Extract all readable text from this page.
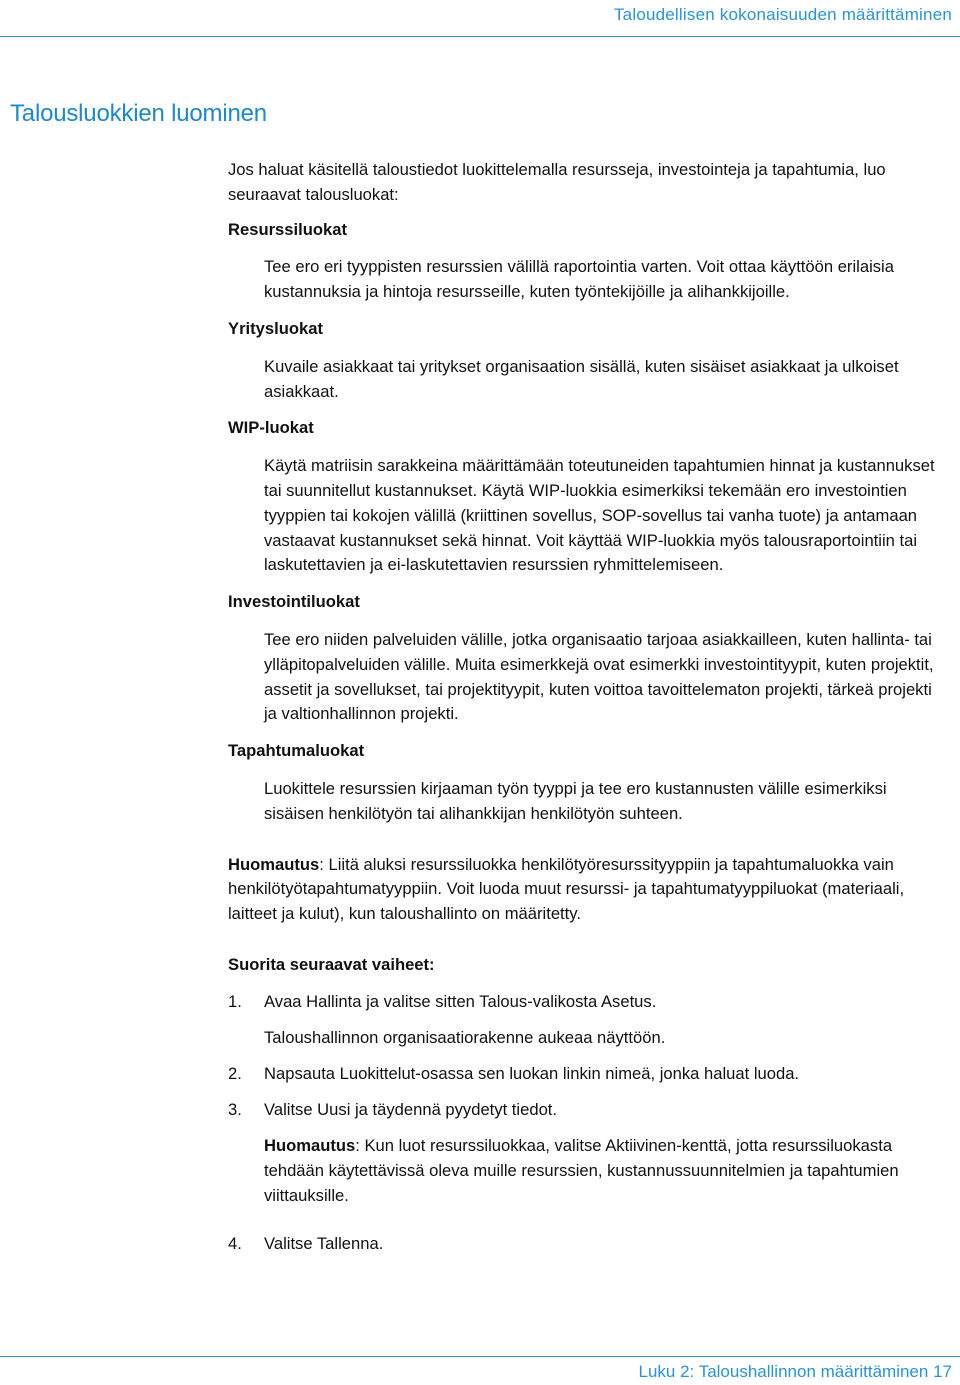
Taloudellisen kokonaisuuden määrittäminen
Talousluokkien luominen

Jos haluat käsitellä taloustiedot luokittelemalla resursseja, investointeja ja tapahtumia, luo seuraavat talousluokat:

Resurssiluokat

Tee ero eri tyyppisten resurssien välillä raportointia varten. Voit ottaa käyttöön erilaisia kustannuksia ja hintoja resursseille, kuten työntekijöille ja alihankkijoille.

Yritysluokat

Kuvaile asiakkaat tai yritykset organisaation sisällä, kuten sisäiset asiakkaat ja ulkoiset asiakkaat.

WIP-luokat

Käytä matriisin sarakkeina määrittämään toteutuneiden tapahtumien hinnat ja kustannukset tai suunnitellut kustannukset. Käytä WIP-luokkia esimerkiksi tekemään ero investointien tyyppien tai kokojen välillä (kriittinen sovellus, SOP-sovellus tai vanha tuote) ja antamaan vastaavat kustannukset sekä hinnat. Voit käyttää WIP-luokkia myös talousraportointiin tai laskutettavien ja ei-laskutettavien resurssien ryhmittelemiseen.

Investointiluokat

Tee ero niiden palveluiden välille, jotka organisaatio tarjoaa asiakkailleen, kuten hallinta- tai ylläpitopalveluiden välille. Muita esimerkkejä ovat esimerkki investointityypit, kuten projektit, assetit ja sovellukset, tai projektityypit, kuten voittoa tavoittelematon projekti, tärkeä projekti ja valtionhallinnon projekti.

Tapahtumaluokat

Luokittele resurssien kirjaaman työn tyyppi ja tee ero kustannusten välille esimerkiksi sisäisen henkilötyön tai alihankkijan henkilötyön suhteen.

Huomautus: Liitä aluksi resurssiluokka henkilötyöresurssityyppiin ja tapahtumaluokka vain henkilötyötapahtumatyyppiin. Voit luoda muut resurssi- ja tapahtumatyyppiluokat (materiaali, laitteet ja kulut), kun taloushallinto on määritetty.

Suorita seuraavat vaiheet:

1.	Avaa Hallinta ja valitse sitten Talous-valikosta Asetus.

Taloushallinnon organisaatiorakenne aukeaa näyttöön.

2.	Napsauta Luokittelut-osassa sen luokan linkin nimeä, jonka haluat luoda.
3.	Valitse Uusi ja täydennä pyydetyt tiedot.

Huomautus: Kun luot resurssiluokkaa, valitse Aktiivinen-kenttä, jotta resurssiluokasta tehdään käytettävissä oleva muille resurssien, kustannussuunnitelmien ja tapahtumien viittauksille.

4.	Valitse Tallenna.
Luku 2: Taloushallinnon määrittäminen 17
